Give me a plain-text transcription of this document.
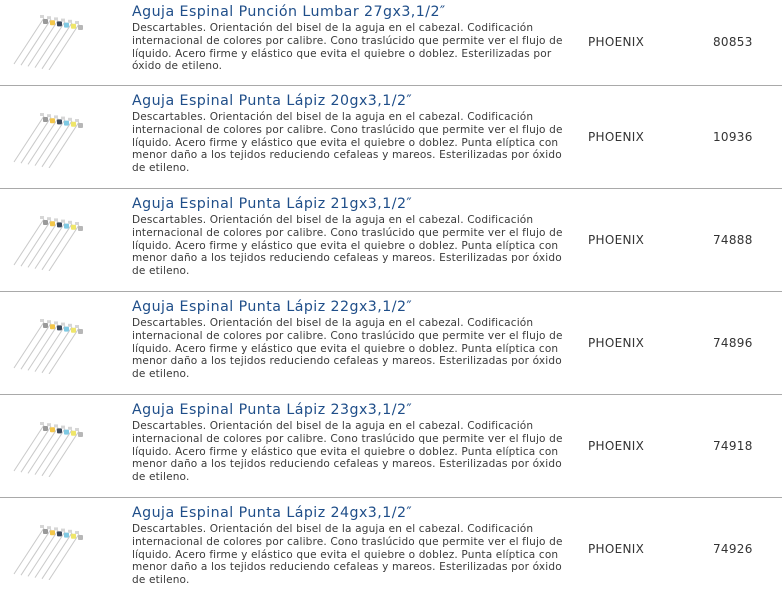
Aguja Espinal Punción Lumbar 27gx3,1/2″
Descartables. Orientación del bisel de la aguja en el cabezal. Codificación internacional de colores por calibre. Cono traslúcido que permite ver el flujo de líquido. Acero firme y elástico que evita el quiebre o doblez. Esterilizadas por óxido de etileno.
PHOENIX	80853
Aguja Espinal Punta Lápiz 20gx3,1/2″
Descartables. Orientación del bisel de la aguja en el cabezal. Codificación internacional de colores por calibre. Cono traslúcido que permite ver el flujo de líquido. Acero firme y elástico que evita el quiebre o doblez. Punta elíptica con menor daño a los tejidos reduciendo cefaleas y mareos. Esterilizadas por óxido de etileno.
PHOENIX	10936
Aguja Espinal Punta Lápiz 21gx3,1/2″
Descartables. Orientación del bisel de la aguja en el cabezal. Codificación internacional de colores por calibre. Cono traslúcido que permite ver el flujo de líquido. Acero firme y elástico que evita el quiebre o doblez. Punta elíptica con menor daño a los tejidos reduciendo cefaleas y mareos. Esterilizadas por óxido de etileno.
PHOENIX	74888
Aguja Espinal Punta Lápiz 22gx3,1/2″
Descartables. Orientación del bisel de la aguja en el cabezal. Codificación internacional de colores por calibre. Cono traslúcido que permite ver el flujo de líquido. Acero firme y elástico que evita el quiebre o doblez. Punta elíptica con menor daño a los tejidos reduciendo cefaleas y mareos. Esterilizadas por óxido de etileno.
PHOENIX	74896
Aguja Espinal Punta Lápiz 23gx3,1/2″
Descartables. Orientación del bisel de la aguja en el cabezal. Codificación internacional de colores por calibre. Cono traslúcido que permite ver el flujo de líquido. Acero firme y elástico que evita el quiebre o doblez. Punta elíptica con menor daño a los tejidos reduciendo cefaleas y mareos. Esterilizadas por óxido de etileno.
PHOENIX	74918
Aguja Espinal Punta Lápiz 24gx3,1/2″
Descartables. Orientación del bisel de la aguja en el cabezal. Codificación internacional de colores por calibre. Cono traslúcido que permite ver el flujo de líquido. Acero firme y elástico que evita el quiebre o doblez. Punta elíptica con menor daño a los tejidos reduciendo cefaleas y mareos. Esterilizadas por óxido de etileno.
PHOENIX	74926
